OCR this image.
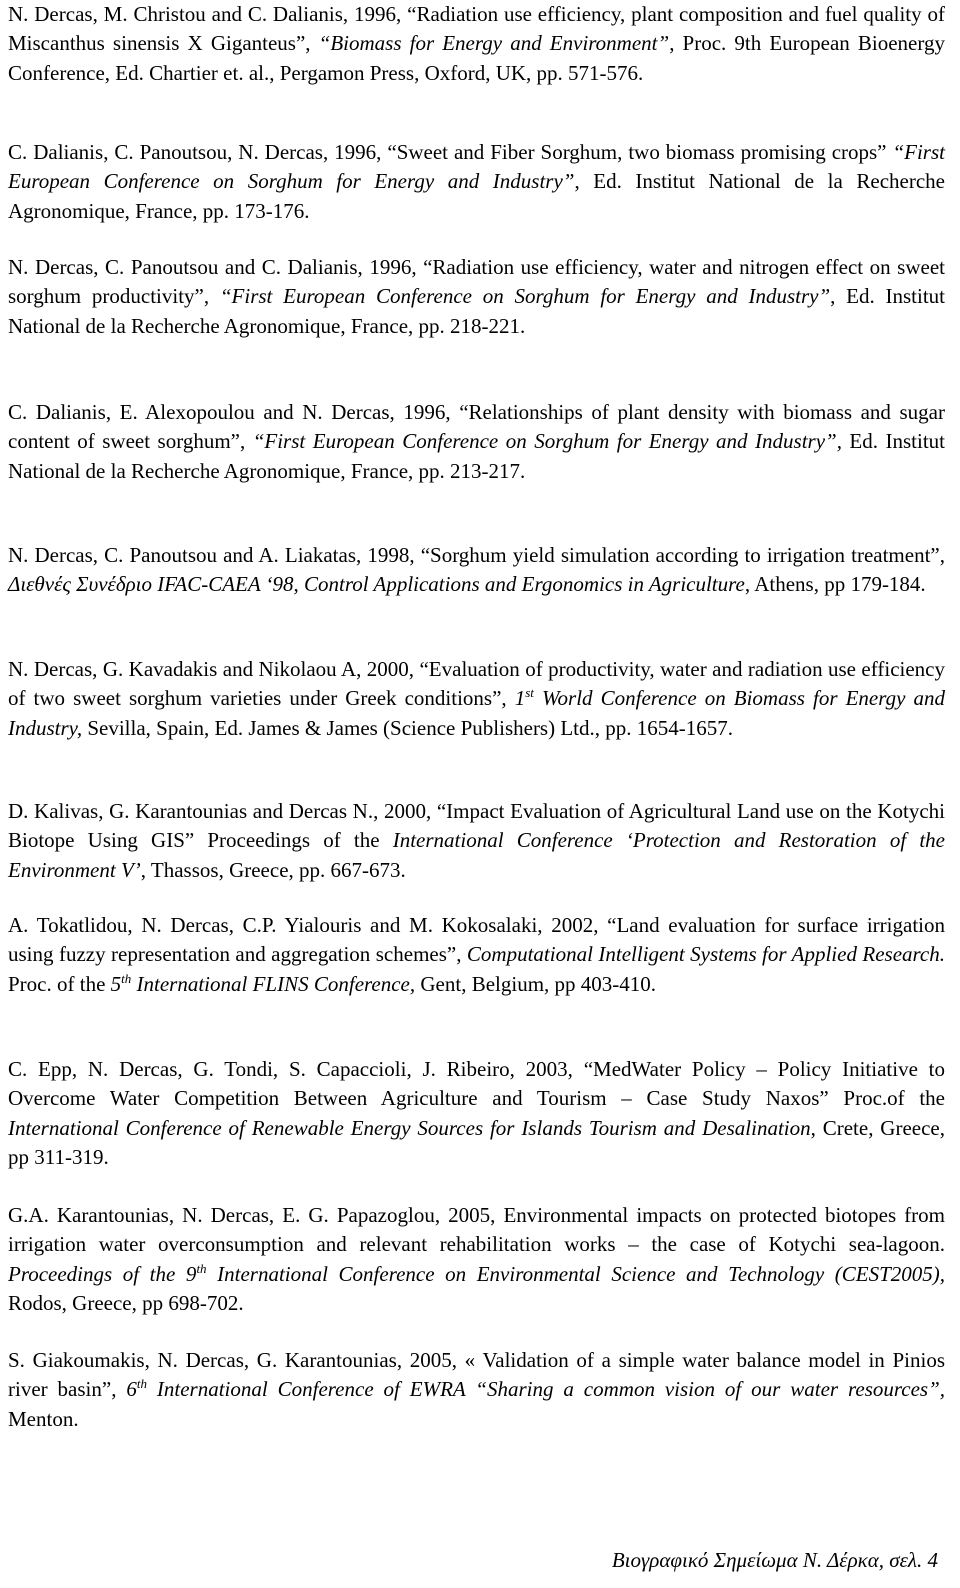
N. Dercas, M. Christou and C. Dalianis, 1996, “Radiation use efficiency, plant composition and fuel quality of Miscanthus sinensis X Giganteus”, “Biomass for Energy and Environment”, Proc. 9th European Bioenergy Conference, Ed. Chartier et. al., Pergamon Press, Oxford, UK, pp. 571-576.

C. Dalianis, C. Panoutsou, N. Dercas, 1996, “Sweet and Fiber Sorghum, two biomass promising crops” “First European Conference on Sorghum for Energy and Industry”, Ed. Institut National de la Recherche Agronomique, France, pp. 173-176.

N. Dercas, C. Panoutsou and C. Dalianis, 1996, “Radiation use efficiency, water and nitrogen effect on sweet sorghum productivity”, “First European Conference on Sorghum for Energy and Industry”, Ed. Institut National de la Recherche Agronomique, France, pp. 218-221.

C. Dalianis, E. Alexopoulou and N. Dercas, 1996, “Relationships of plant density with biomass and sugar content of sweet sorghum”, “First European Conference on Sorghum for Energy and Industry”, Ed. Institut National de la Recherche Agronomique, France, pp. 213-217.

N. Dercas, C. Panoutsou and A. Liakatas, 1998, “Sorghum yield simulation according to irrigation treatment”, Διεθνές Συνέδριο IFAC-CAEA ‘98, Control Applications and Ergonomics in Agriculture, Athens, pp 179-184.

N. Dercas, G. Kavadakis and Nikolaou A, 2000, “Evaluation of productivity, water and radiation use efficiency of two sweet sorghum varieties under Greek conditions”, 1st World Conference on Biomass for Energy and Industry, Sevilla, Spain, Ed. James & James (Science Publishers) Ltd., pp. 1654-1657.

D. Kalivas, G. Karantounias and Dercas N., 2000, “Impact Evaluation of Agricultural Land use on the Kotychi Biotope Using GIS” Proceedings of the International Conference ‘Protection and Restoration of the Environment V’, Thassos, Greece, pp. 667-673.

A. Tokatlidou, N. Dercas, C.P. Yialouris and M. Kokosalaki, 2002, “Land evaluation for surface irrigation using fuzzy representation and aggregation schemes”, Computational Intelligent Systems for Applied Research. Proc. of the 5th International FLINS Conference, Gent, Belgium, pp 403-410.

C. Epp, N. Dercas, G. Tondi, S. Capaccioli, J. Ribeiro, 2003, “MedWater Policy – Policy Initiative to Overcome Water Competition Between Agriculture and Tourism – Case Study Naxos” Proc.of the International Conference of Renewable Energy Sources for Islands Tourism and Desalination, Crete, Greece, pp 311-319.

G.A. Karantounias, N. Dercas, E. G. Papazoglou, 2005, Environmental impacts on protected biotopes from irrigation water overconsumption and relevant rehabilitation works – the case of Kotychi sea-lagoon. Proceedings of the 9th International Conference on Environmental Science and Technology (CEST2005), Rodos, Greece, pp 698-702.

S. Giakoumakis, N. Dercas, G. Karantounias, 2005, « Validation of a simple water balance model in Pinios river basin”, 6th International Conference of EWRA “Sharing a common vision of our water resources”, Menton.

Βιογραφικό Σημείωμα Ν. Δέρκα, σελ. 4
